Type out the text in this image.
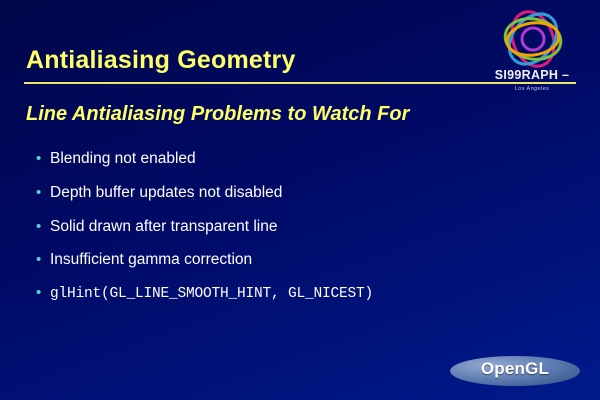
SI99RAPH –
Los Angeles
Antialiasing Geometry
Line Antialiasing Problems to Watch For
• Blending not enabled
• Depth buffer updates not disabled
• Solid drawn after transparent line
• Insufficient gamma correction
• glHint(GL_LINE_SMOOTH_HINT, GL_NICEST)
OpenGL
